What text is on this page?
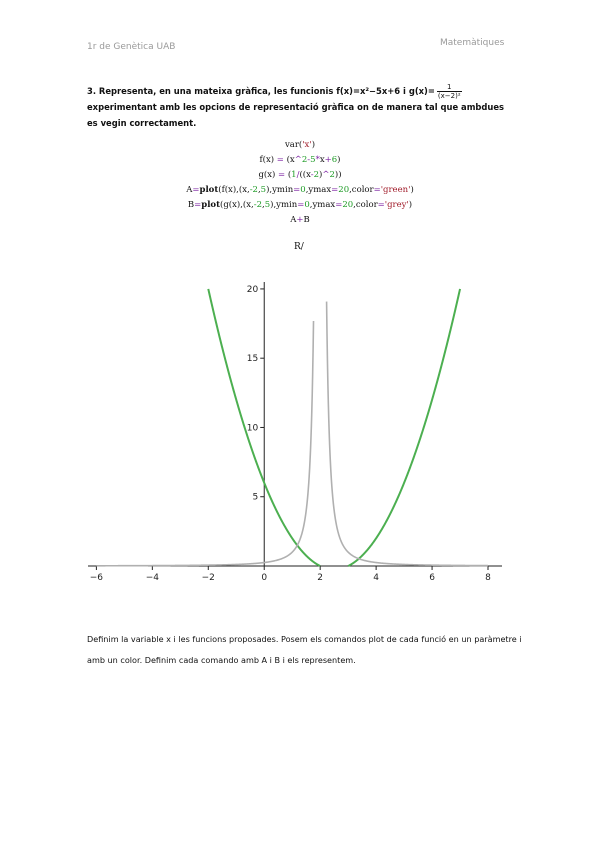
1r de Genètica UAB	Matemàtiques
3. Representa, en una mateixa gràfica, les funcionis f(x)=x²−5x+6 i $g(x)= \frac{1}{\text{(x−2)²}}$
experimentant amb les opcions de representació gràfica on de manera tal que ambdues es vegin correctament.
var('x')
f(x) = (x^2-5*x+6)
g(x) = (1/((x-2)^2))
A=plot(f(x),(x,-2,5),ymin=0,ymax=20,color='green')
B=plot(g(x),(x,-2,5),ymin=0,ymax=20,color='grey')
A+B
R/
−6	−4	−2	0	2	4	6	8
5
10
15
20
Definim la variable x i les funcions proposades. Posem els comandos plot de cada funció en un paràmetre i amb un color. Definim cada comando amb A i B i els representem.
